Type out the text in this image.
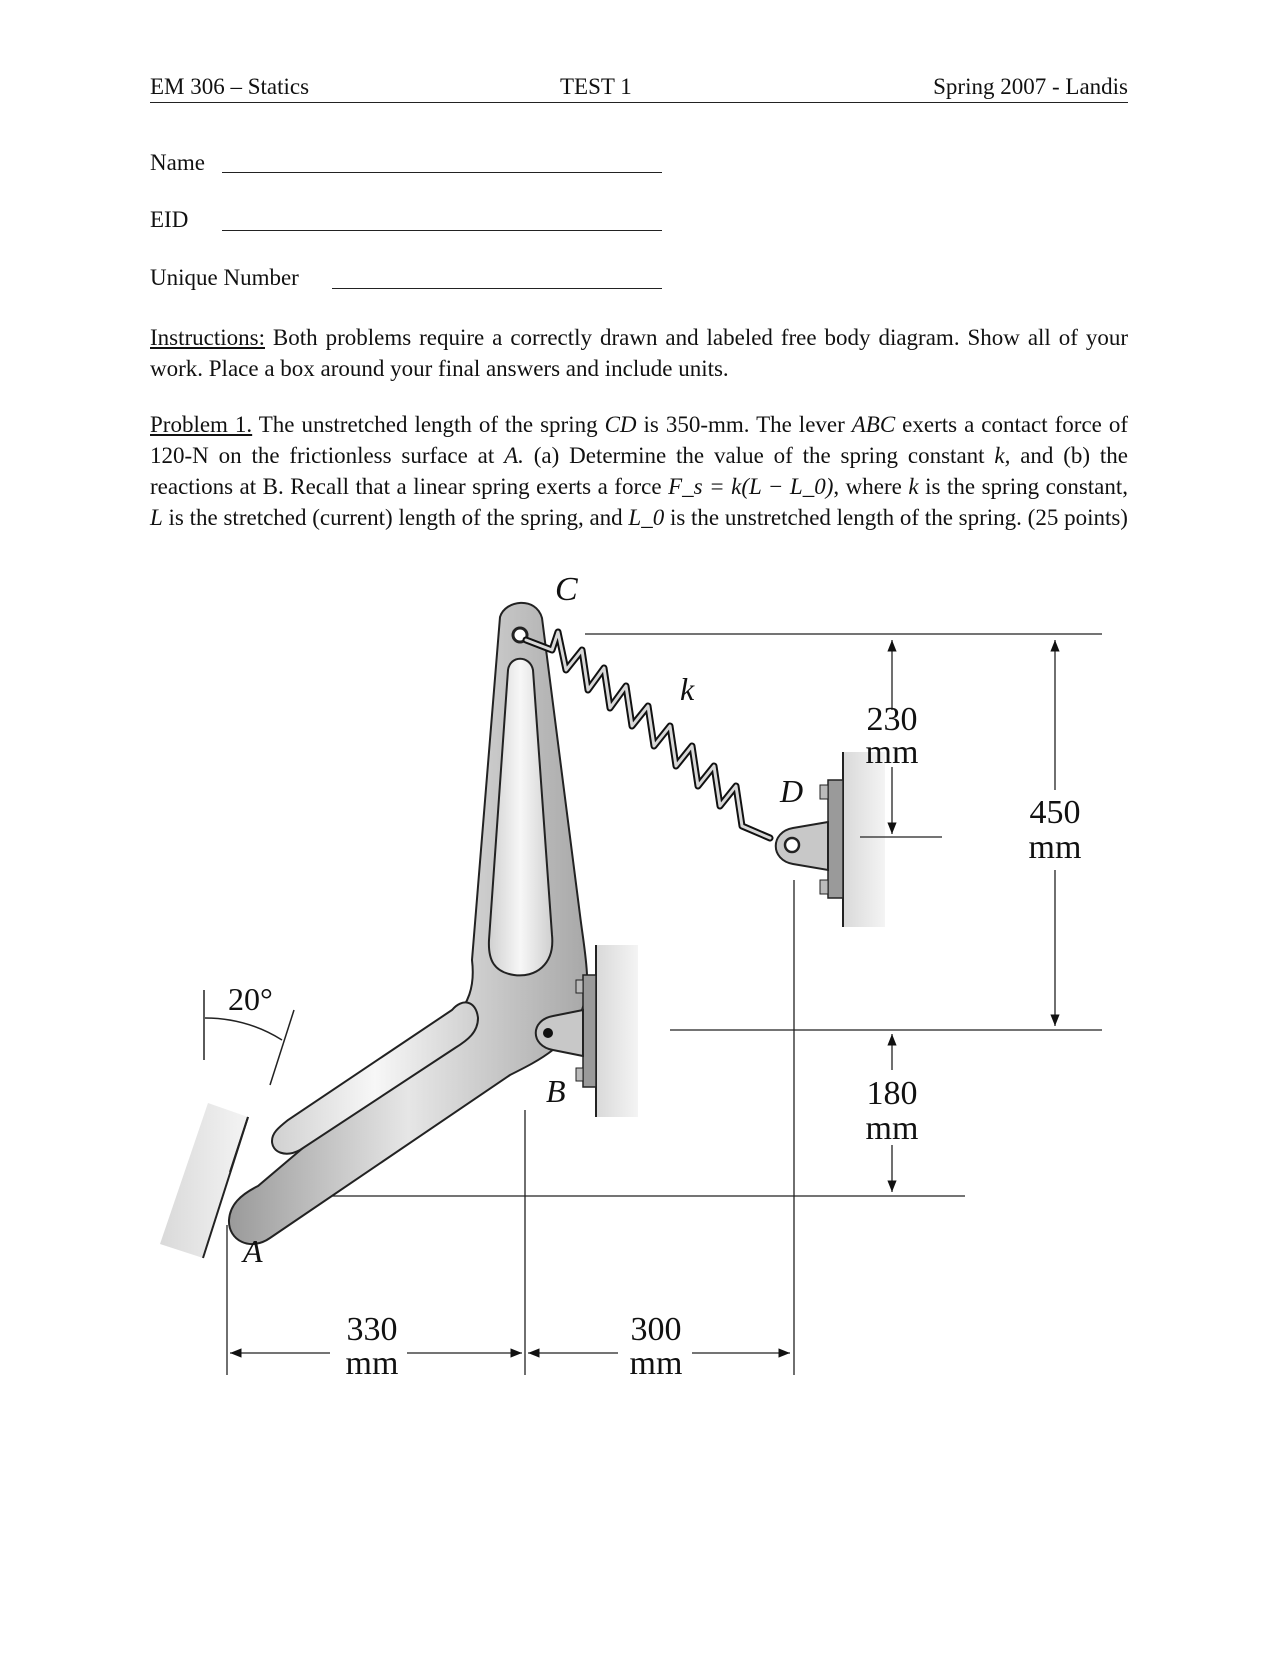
EM 306 – Statics	TEST 1	Spring 2007 - Landis
Name
EID
Unique Number
Instructions: Both problems require a correctly drawn and labeled free body diagram. Show all of your work. Place a box around your final answers and include units.
Problem 1. The unstretched length of the spring CD is 350-mm. The lever ABC exerts a contact force of 120-N on the frictionless surface at A. (a) Determine the value of the spring constant k, and (b) the reactions at B. Recall that a linear spring exerts a force F_s = k(L − L_0), where k is the spring constant, L is the stretched (current) length of the spring, and L_0 is the unstretched length of the spring. (25 points)
C
k
D
B
A
20°
230
mm
450
mm
180
mm
330
mm
300
mm
